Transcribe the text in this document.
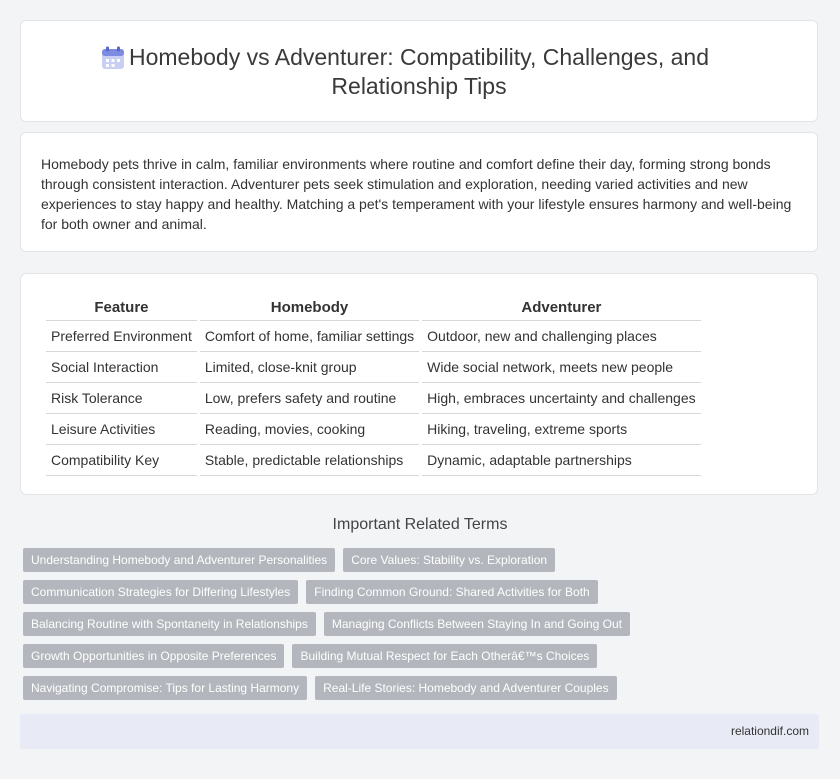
Homebody vs Adventurer: Compatibility, Challenges, and Relationship Tips

Homebody pets thrive in calm, familiar environments where routine and comfort define their day, forming strong bonds through consistent interaction. Adventurer pets seek stimulation and exploration, needing varied activities and new experiences to stay happy and healthy. Matching a pet's temperament with your lifestyle ensures harmony and well-being for both owner and animal.

Feature	Homebody	Adventurer
Preferred Environment	Comfort of home, familiar settings	Outdoor, new and challenging places
Social Interaction	Limited, close-knit group	Wide social network, meets new people
Risk Tolerance	Low, prefers safety and routine	High, embraces uncertainty and challenges
Leisure Activities	Reading, movies, cooking	Hiking, traveling, extreme sports
Compatibility Key	Stable, predictable relationships	Dynamic, adaptable partnerships
Important Related Terms
Understanding Homebody and Adventurer Personalities	Core Values: Stability vs. Exploration
Communication Strategies for Differing Lifestyles	Finding Common Ground: Shared Activities for Both
Balancing Routine with Spontaneity in Relationships	Managing Conflicts Between Staying In and Going Out
Growth Opportunities in Opposite Preferences	Building Mutual Respect for Each Otherâ€™s Choices
Navigating Compromise: Tips for Lasting Harmony	Real-Life Stories: Homebody and Adventurer Couples
relationdif.com
